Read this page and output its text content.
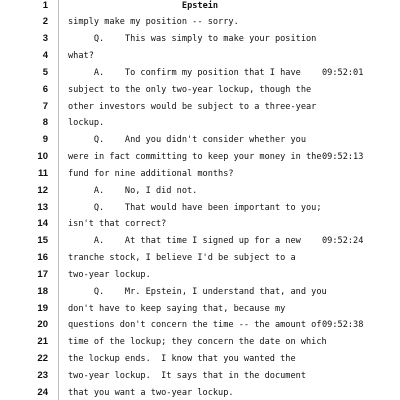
1
2
3
4
5
6
7
8
9
10
11
12
13
14
15
16
17
18
19
20
21
22
23
24
Epstein
simply make my position -- sorry.
Q.    This was simply to make your position
what?
A.    To confirm my position that I have
subject to the only two-year lockup, though the
other investors would be subject to a three-year
lockup.
Q.    And you didn't consider whether you
were in fact committing to keep your money in the
fund for nine additional months?
A.    No, I did not.
Q.    That would have been important to you;
isn't that correct?
A.    At that time I signed up for a new
tranche stock, I believe I'd be subject to a
two-year lockup.
Q.    Mr. Epstein, I understand that, and you
don't have to keep saying that, because my
questions don't concern the time -- the amount of
time of the lockup; they concern the date on which
the lockup ends.  I know that you wanted the
two-year lockup.  It says that in the document
that you want a two-year lockup.
09:52:01
09:52:13
09:52:24
09:52:38
